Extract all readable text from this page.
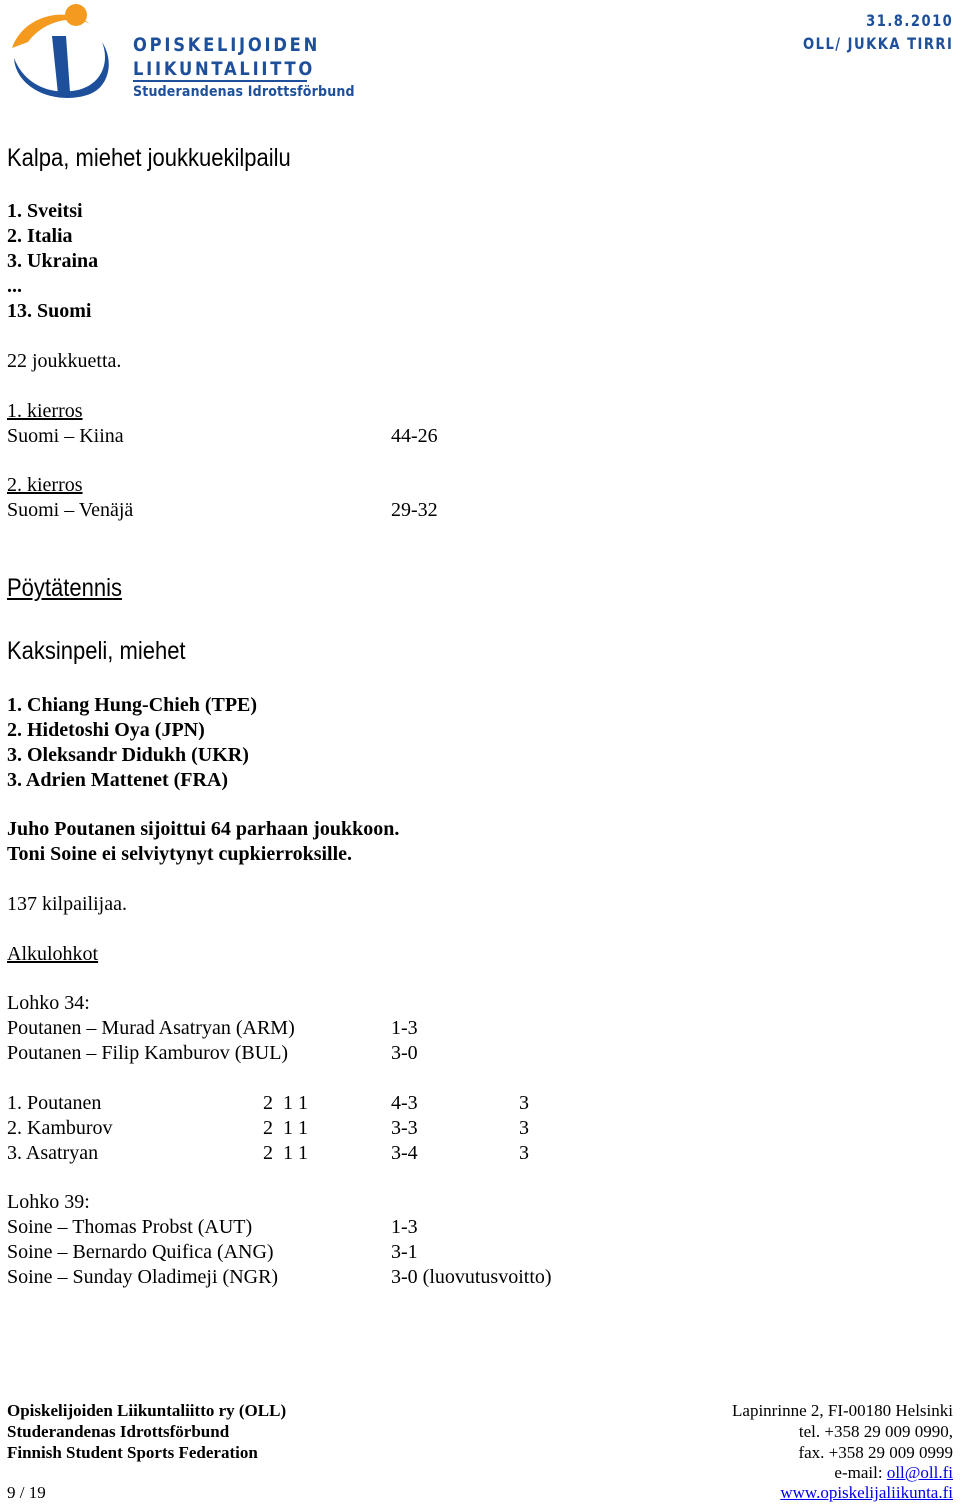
OPISKELIJOIDEN
LIIKUNTALIITTO
Studerandenas Idrottsförbund
31.8.2010
OLL/ JUKKA TIRRI
Kalpa, miehet joukkuekilpailu
1. Sveitsi
2. Italia
3. Ukraina
...
13. Suomi
22 joukkuetta.
1. kierros
Suomi – Kiina	44-26
2. kierros
Suomi – Venäjä	29-32
Pöytätennis
Kaksinpeli, miehet
1. Chiang Hung-Chieh (TPE)
2. Hidetoshi Oya (JPN)
3. Oleksandr Didukh (UKR)
3. Adrien Mattenet (FRA)
Juho Poutanen sijoittui 64 parhaan joukkoon.
Toni Soine ei selviytynyt cupkierroksille.
137 kilpailijaa.
Alkulohkot
Lohko 34:
Poutanen – Murad Asatryan (ARM)	1-3
Poutanen – Filip Kamburov (BUL)	3-0
1. Poutanen	2  1 1	4-3	3
2. Kamburov	2  1 1	3-3	3
3. Asatryan	2  1 1	3-4	3
Lohko 39:
Soine – Thomas Probst (AUT)	1-3
Soine – Bernardo Quifica (ANG)	3-1
Soine – Sunday Oladimeji (NGR)	3-0 (luovutusvoitto)
Opiskelijoiden Liikuntaliitto ry (OLL)
Studerandenas Idrottsförbund
Finnish Student Sports Federation
9 / 19
Lapinrinne 2, FI-00180 Helsinki
tel. +358 29 009 0990,
fax. +358 29 009 0999
e-mail: oll@oll.fi
www.opiskelijaliikunta.fi
